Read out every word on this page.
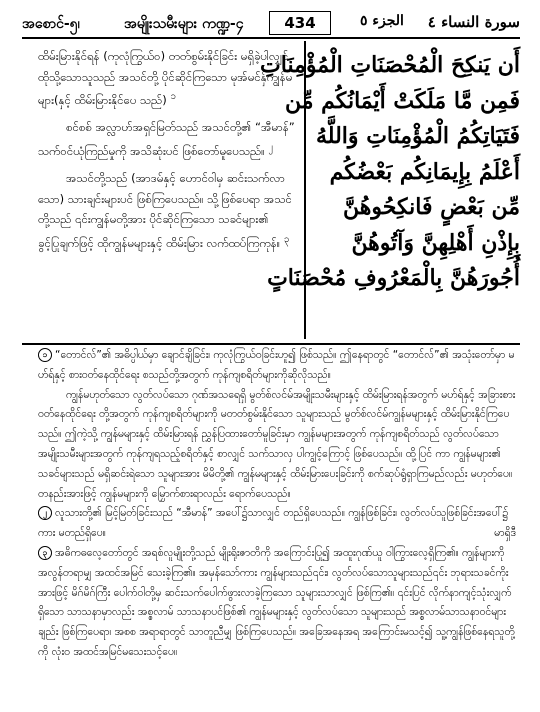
အစောင်-၅၊	အမျိုးသမီးများ ကဏ္ဍ-၄	434	الجزء ٥ سورة النساء ٤

ထိမ်းမြားနိုင်ရန် (ကုလုံကြွယ်ဝ) တတ်စွမ်းနိုင်ခြင်း မရှိခဲ့ပါလျှင် ထိုသို့သောသူသည် အသင်တို့ ပိုင်ဆိုင်ကြသော မုအ်မင်နှ်ကျွန်မများ(နှင့် ထိမ်းမြားနိုင်ပေ သည်) $^၁$

စင်စစ် အလ္လာဟ်အရှင်မြတ်သည် အသင်တို့၏ “အီမာန်” သက်ဝင်ယုံကြည်မှုကို အသိဆုံးပင် ဖြစ်တော်မူပေသည်။ $^၂$

အသင်တို့သည် (အာဒမ်နှင့် ဟောင်ဝါမှ ဆင်းသက်လာသော) သားချင်းများပင် ဖြစ်ကြပေသည်။ သို့ဖြစ်ပေရာ အသင်တို့သည် ၎င်းကျွန်မတို့အား ပိုင်ဆိုင်ကြသော သခင်များ၏ ခွင့်ပြုချက်ဖြင့် ထိုကျွန်မများနှင့် ထိမ်းမြား လက်ထပ်ကြကုန်။ $^၃$

أَن يَنكِحَ الْمُحْصَنَاتِ الْمُؤْمِنَاتِ
فَمِن مَّا مَلَكَتْ أَيْمَانُكُم مِّن
فَتَيَاتِكُمُ الْمُؤْمِنَاتِ وَاللَّهُ
أَعْلَمُ بِإِيمَانِكُم بَعْضُكُم
مِّن بَعْضٍ فَانكِحُوهُنَّ
بِإِذْنِ أَهْلِهِنَّ وَآتُوهُنَّ
أُجُورَهُنَّ بِالْمَعْرُوفِ مُحْصَنَاتٍ

၁ “တောင်လ်”၏ အဓိပ္ပါယ်မှာ ချောင်ချိခြင်း၊ ကုလုံကြွယ်ဝခြင်းဟူ၍ ဖြစ်သည်။ ဤနေရာတွင် “တောင်လ်”၏ အသုံးတော်မှာ မဟ်ရ်နှင့် စားဝတ်နေထိုင်ရေး စသည်တို့အတွက် ကုန်ကျစရိတ်များကိုဆိုလိုသည်။

ကျွန်မဟုတ်သော လွတ်လပ်သော ဂုဏ်အသရေရှိ မွတ်စ်လင်မ်အမျိုးသမီးများနှင့် ထိမ်းမြားရန်အတွက် မဟ်ရ်နှင့် အခြားစားဝတ်နေထိုင်ရေး တို့အတွက် ကုန်ကျစရိတ်များကို မတတ်စွမ်းနိုင်သော သူများသည် မွတ်စ်လင်မ်ကျွန်မများနှင့် ထိမ်းမြားနိုင်ကြပေသည်။ ဤကဲ့သို့ ကျွန်မများနှင့် ထိမ်းမြားရန် ညွှန်ပြထားတော်မူခြင်းမှာ ကျွန်မများအတွက် ကုန်ကျစရိတ်သည် လွတ်လပ်သော အမျိုးသမီးများအတွက် ကုန်ကျရသည့်စရိတ်နှင့် စာလျှင် သက်သာလှ ပါကျွင့်ကြောင့် ဖြစ်ပေသည်။ ထို့ပြင် ကာ ကျွန်မများ၏ သခင်များသည် မရှိဆင်းရဲသော သူများအား မိမိတို့၏ ကျွန်မများနှင့် ထိမ်းမြားပေးခြင်းကို စက်ဆုပ်ရွံရှာကြမည်လည်း မဟုတ်ပေ။ တနည်းအားဖြင့် ကျွန်မများကို မြှောက်စားရာလည်း ရောက်ပေသည်။

၂ လူသားတို့၏ မြင့်မြတ်ခြင်းသည် “အီမာန်” အပေါ်၌သာလျှင် တည်ရှိပေသည်။ ကျွန်ဖြစ်ခြင်း၊ လွတ်လပ်သူဖြစ်ခြင်းအပေါ်၌ ကား မတည်ရှိပေ။	မာရှိဒီ

၃ အဓိကဓလေ့တော်တွင် အရစ်လူမျိုးတို့သည် မျိုးရိုးဇာတိကို အကြောင်းပြု၍ အထူးဂုဏ်ယူ ဝါကြွားလေ့ရှိကြ၏။ ကျွန်များကို အလွန်တရာမျှ အထင်အမြင် သေးခဲ့ကြ၏။ အမှန်သော်ကား ကျွန်များသည်၎င်း၊ လွတ်လပ်သောသူများသည်၎င်း ဘုရားသခင်ကိုးအားဖြင့် မိဂ်မိဂ်ကြီး ပေါက်ဝါတို့မှ ဆင်းသက်ပေါက်ဖွားလာခဲ့ကြသော သူများသာလျှင် ဖြစ်ကြ၏။ ၎င်းပြင် လိုက်နာကျင့်သုံးလျှက်ရှိသော သာသနာမှာလည်း အစ္စလာမ် သာသနာပင်ဖြစ်၏ ကျွန်မများနှင့် လွတ်လပ်သော သူများသည် အစ္စလာမ်သာသနာဝင်များချည်း ဖြစ်ကြပေရာ၊ အစစ အရာရာတွင် သာတူညီမျှ ဖြစ်ကြပေသည်။ အခြေအနေအရ အကြောင်းမသင့်၍ သူ့ကျွန်ဖြစ်နေရသူတို့ကို လုံးဝ အထင်အမြင်မသေးသင့်ပေ။
